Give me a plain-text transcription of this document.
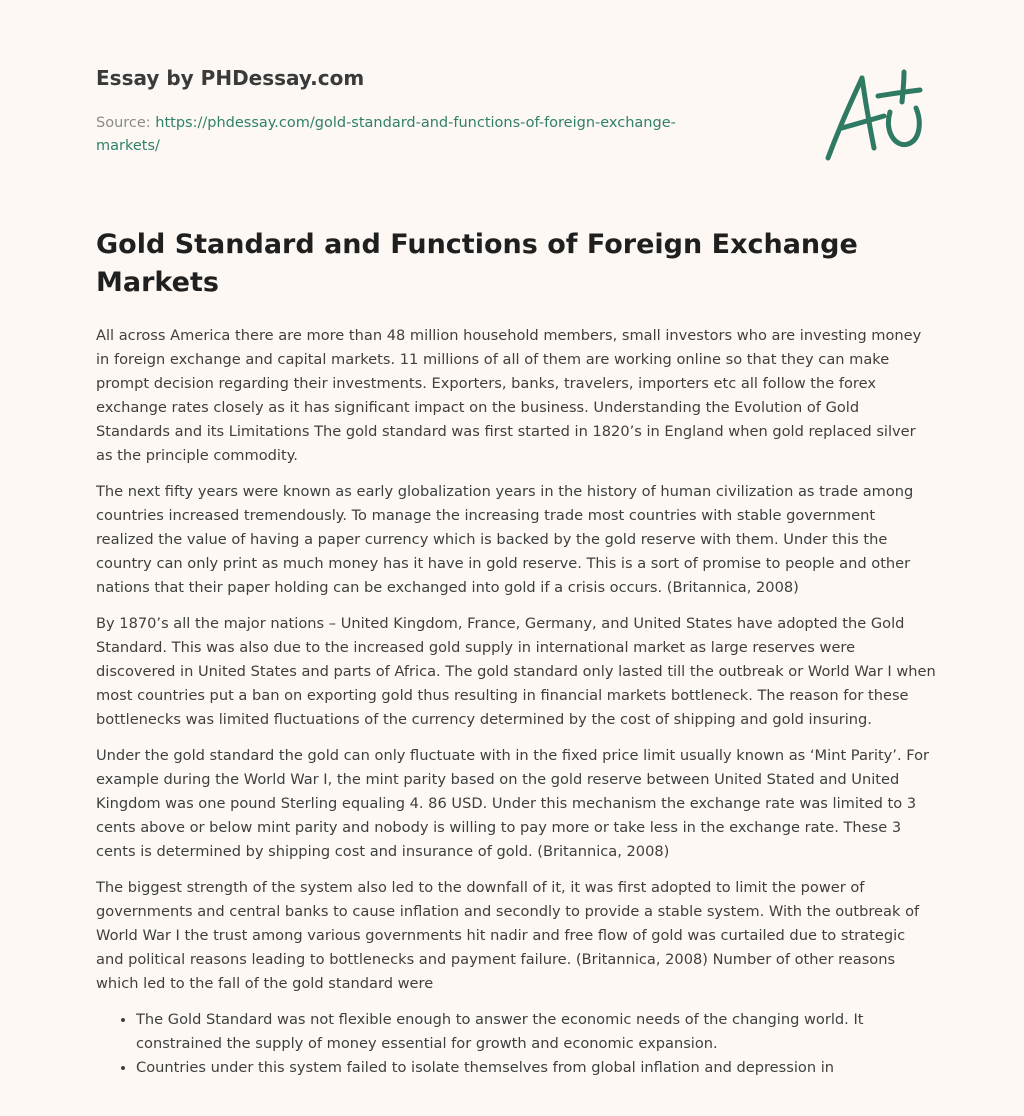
Essay by PHDessay.com
Source: https://phdessay.com/gold-standard-and-functions-of-foreign-exchange-
markets/
Gold Standard and Functions of Foreign Exchange Markets

All across America there are more than 48 million household members, small investors who are investing money in foreign exchange and capital markets. 11 millions of all of them are working online so that they can make prompt decision regarding their investments. Exporters, banks, travelers, importers etc all follow the forex exchange rates closely as it has significant impact on the business. Understanding the Evolution of Gold Standards and its Limitations The gold standard was first started in 1820’s in England when gold replaced silver as the principle commodity.

The next fifty years were known as early globalization years in the history of human civilization as trade among countries increased tremendously. To manage the increasing trade most countries with stable government realized the value of having a paper currency which is backed by the gold reserve with them. Under this the country can only print as much money has it have in gold reserve. This is a sort of promise to people and other nations that their paper holding can be exchanged into gold if a crisis occurs. (Britannica, 2008)

By 1870’s all the major nations – United Kingdom, France, Germany, and United States have adopted the Gold Standard. This was also due to the increased gold supply in international market as large reserves were discovered in United States and parts of Africa. The gold standard only lasted till the outbreak or World War I when most countries put a ban on exporting gold thus resulting in financial markets bottleneck. The reason for these bottlenecks was limited fluctuations of the currency determined by the cost of shipping and gold insuring.

Under the gold standard the gold can only fluctuate with in the fixed price limit usually known as ‘Mint Parity’. For example during the World War I, the mint parity based on the gold reserve between United Stated and United Kingdom was one pound Sterling equaling 4. 86 USD. Under this mechanism the exchange rate was limited to 3 cents above or below mint parity and nobody is willing to pay more or take less in the exchange rate. These 3 cents is determined by shipping cost and insurance of gold. (Britannica, 2008)

The biggest strength of the system also led to the downfall of it, it was first adopted to limit the power of governments and central banks to cause inflation and secondly to provide a stable system. With the outbreak of World War I the trust among various governments hit nadir and free flow of gold was curtailed due to strategic and political reasons leading to bottlenecks and payment failure. (Britannica, 2008) Number of other reasons which led to the fall of the gold standard were

• The Gold Standard was not flexible enough to answer the economic needs of the changing world. It constrained the supply of money essential for growth and economic expansion.
• Countries under this system failed to isolate themselves from global inflation and depression in
